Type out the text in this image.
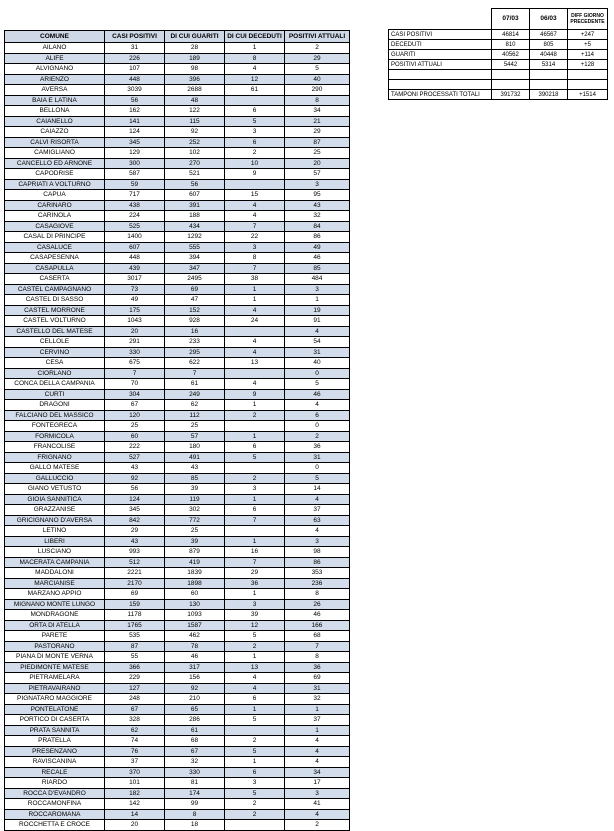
COMUNE	CASI POSITIVI	DI CUI GUARITI	DI CUI DECEDUTI	POSITIVI ATTUALI
AILANO	31	28	1	2
ALIFE	226	189	8	29
ALVIGNANO	107	98	4	5
ARIENZO	448	396	12	40
AVERSA	3039	2688	61	290
BAIA E LATINA	56	48		8
BELLONA	162	122	6	34
CAIANELLO	141	115	5	21
CAIAZZO	124	92	3	29
CALVI RISORTA	345	252	6	87
CAMIGLIANO	129	102	2	25
CANCELLO ED ARNONE	300	270	10	20
CAPODRISE	587	521	9	57
CAPRIATI A VOLTURNO	59	56		3
CAPUA	717	607	15	95
CARINARO	438	391	4	43
CARINOLA	224	188	4	32
CASAGIOVE	525	434	7	84
CASAL DI PRINCIPE	1400	1292	22	86
CASALUCE	607	555	3	49
CASAPESENNA	448	394	8	46
CASAPULLA	439	347	7	85
CASERTA	3017	2495	38	484
CASTEL CAMPAGNANO	73	69	1	3
CASTEL DI SASSO	49	47	1	1
CASTEL MORRONE	175	152	4	19
CASTEL VOLTURNO	1043	928	24	91
CASTELLO DEL MATESE	20	16		4
CELLOLE	291	233	4	54
CERVINO	330	295	4	31
CESA	675	622	13	40
CIORLANO	7	7		0
CONCA DELLA CAMPANIA	70	61	4	5
CURTI	304	249	9	46
DRAGONI	67	62	1	4
FALCIANO DEL MASSICO	120	112	2	6
FONTEGRECA	25	25		0
FORMICOLA	60	57	1	2
FRANCOLISE	222	180	6	36
FRIGNANO	527	491	5	31
GALLO MATESE	43	43		0
GALLUCCIO	92	85	2	5
GIANO VETUSTO	56	39	3	14
GIOIA SANNITICA	124	119	1	4
GRAZZANISE	345	302	6	37
GRICIGNANO D'AVERSA	842	772	7	63
LETINO	29	25		4
LIBERI	43	39	1	3
LUSCIANO	993	879	16	98
MACERATA CAMPANIA	512	419	7	86
MADDALONI	2221	1839	29	353
MARCIANISE	2170	1898	36	236
MARZANO APPIO	69	60	1	8
MIGNANO MONTE LUNGO	159	130	3	26
MONDRAGONE	1178	1093	39	46
ORTA DI ATELLA	1765	1587	12	166
PARETE	535	462	5	68
PASTORANO	87	78	2	7
PIANA DI MONTE VERNA	55	46	1	8
PIEDIMONTE MATESE	366	317	13	36
PIETRAMELARA	229	156	4	69
PIETRAVAIRANO	127	92	4	31
PIGNATARO MAGGIORE	248	210	6	32
PONTELATONE	67	65	1	1
PORTICO DI CASERTA	328	286	5	37
PRATA SANNITA	62	61		1
PRATELLA	74	68	2	4
PRESENZANO	76	67	5	4
RAVISCANINA	37	32	1	4
RECALE	370	330	6	34
RIARDO	101	81	3	17
ROCCA D'EVANDRO	182	174	5	3
ROCCAMONFINA	142	99	2	41
ROCCAROMANA	14	8	2	4
ROCCHETTA E CROCE	20	18		2
	07/03	06/03	DIFF GIORNO PRECEDENTE
CASI POSITIVI	46814	46567	+247
DECEDUTI	810	805	+5
GUARITI	40562	40448	+114
POSITIVI ATTUALI	5442	5314	+128

TAMPONI PROCESSATI TOTALI	391732	390218	+1514
